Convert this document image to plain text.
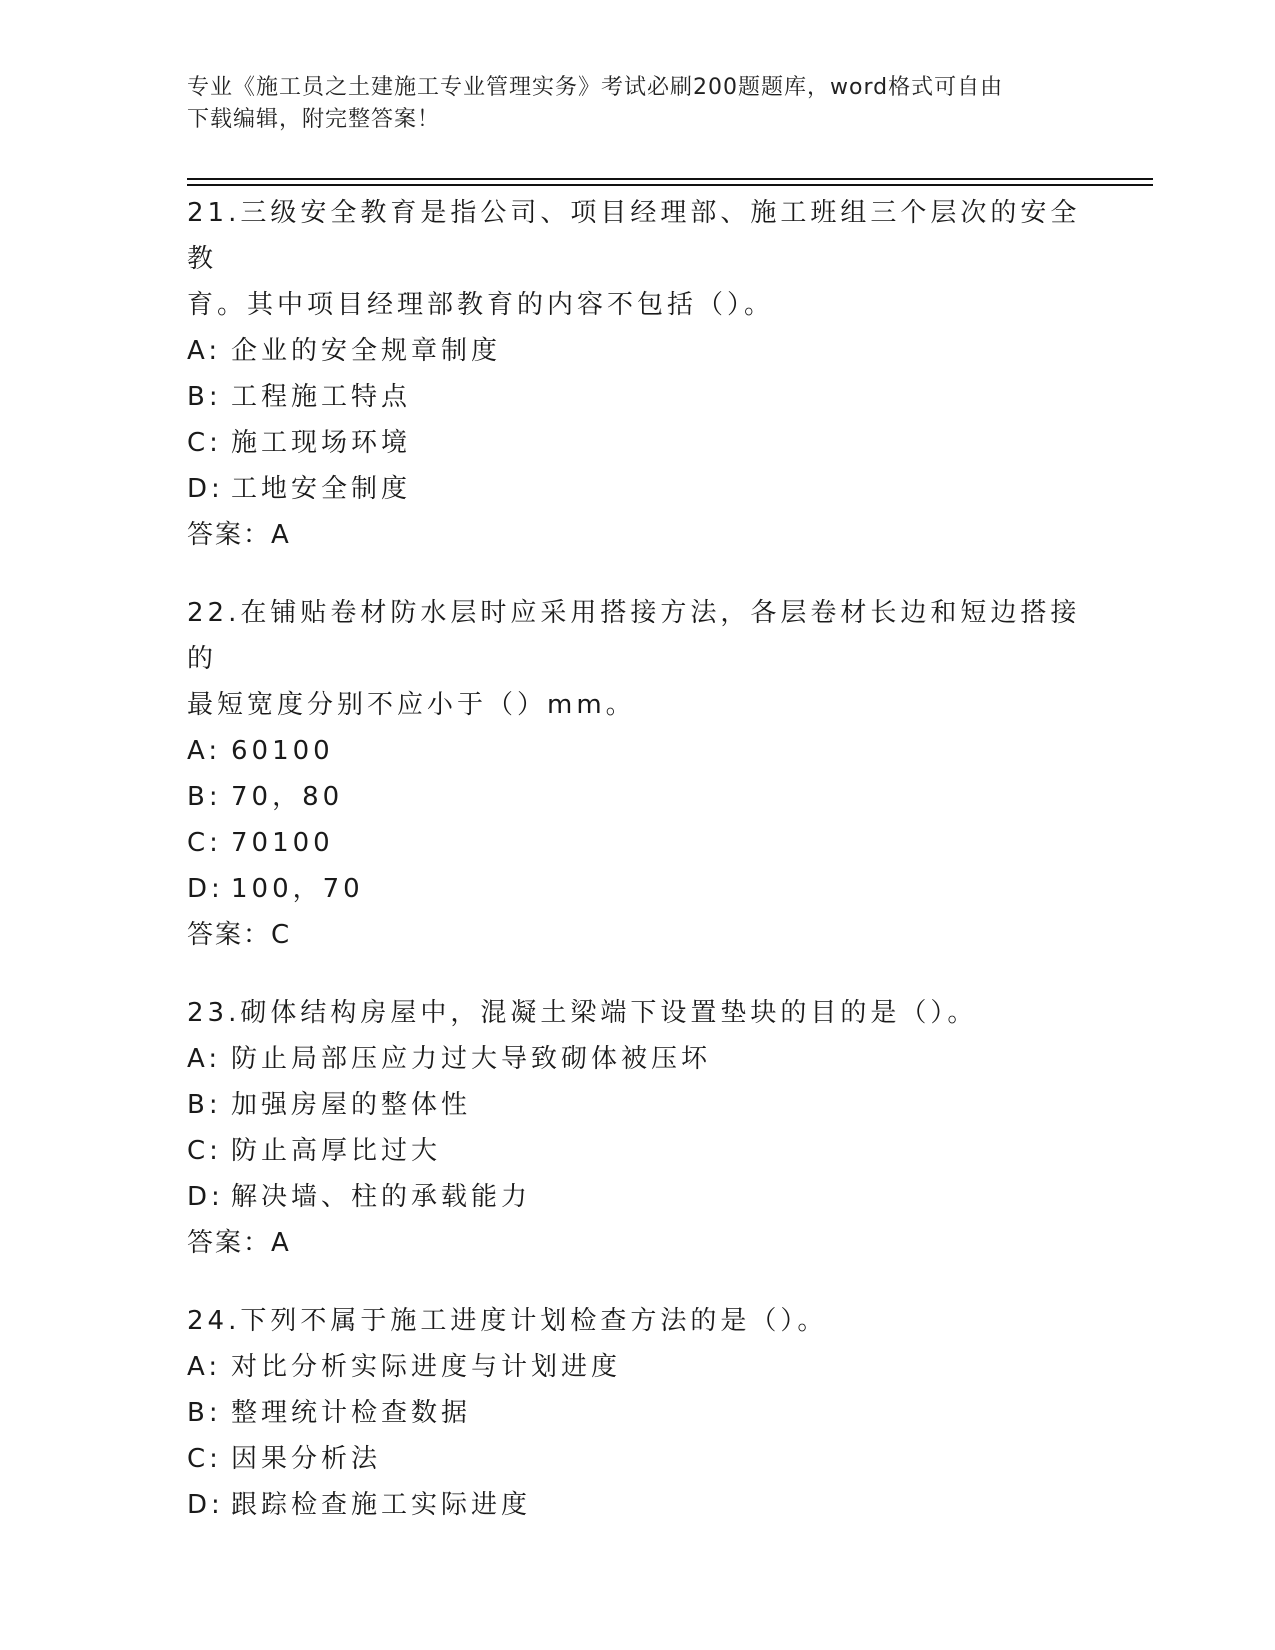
专业《施工员之土建施工专业管理实务》考试必刷200题题库，word格式可自由
下载编辑，附完整答案！

21.三级安全教育是指公司、项目经理部、施工班组三个层次的安全教

育。其中项目经理部教育的内容不包括（）。

A: 企业的安全规章制度

B: 工程施工特点

C: 施工现场环境

D: 工地安全制度

答案：A

22.在铺贴卷材防水层时应采用搭接方法，各层卷材长边和短边搭接的

最短宽度分别不应小于（）mm。

A: 60100

B: 70，80

C: 70100

D: 100，70

答案：C

23.砌体结构房屋中，混凝土梁端下设置垫块的目的是（）。

A: 防止局部压应力过大导致砌体被压坏

B: 加强房屋的整体性

C: 防止高厚比过大

D: 解决墙、柱的承载能力

答案：A

24.下列不属于施工进度计划检查方法的是（）。

A: 对比分析实际进度与计划进度

B: 整理统计检查数据

C: 因果分析法

D: 跟踪检查施工实际进度
